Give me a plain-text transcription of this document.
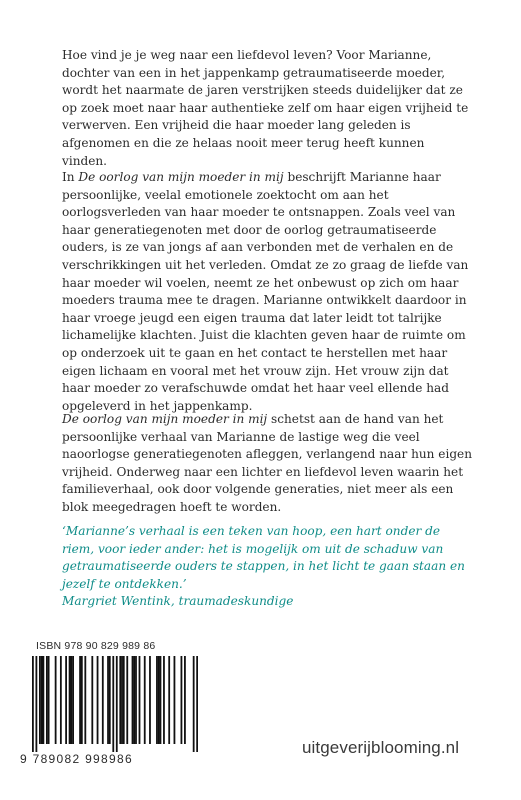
Hoe vind je je weg naar een liefdevol leven? Voor Marianne, dochter van een in het jappenkamp getraumatiseerde moeder, wordt het naarmate de jaren verstrijken steeds duidelijker dat ze op zoek moet naar haar authentieke zelf om haar eigen vrijheid te verwerven. Een vrijheid die haar moeder lang geleden is afgenomen en die ze helaas nooit meer terug heeft kunnen vinden.

In De oorlog van mijn moeder in mij beschrijft Marianne haar persoonlijke, veelal emotionele zoektocht om aan het oorlogsverleden van haar moeder te ontsnappen. Zoals veel van haar generatiegenoten met door de oorlog getraumatiseerde ouders, is ze van jongs af aan verbonden met de verhalen en de verschrikkingen uit het verleden. Omdat ze zo graag de liefde van haar moeder wil voelen, neemt ze het onbewust op zich om haar moeders trauma mee te dragen. Marianne ontwikkelt daardoor in haar vroege jeugd een eigen trauma dat later leidt tot talrijke lichamelijke klachten. Juist die klachten geven haar de ruimte om op onderzoek uit te gaan en het contact te herstellen met haar eigen lichaam en vooral met het vrouw zijn. Het vrouw zijn dat haar moeder zo verafschuwde omdat het haar veel ellende had opgeleverd in het jappenkamp.

De oorlog van mijn moeder in mij schetst aan de hand van het persoonlijke verhaal van Marianne de lastige weg die veel naoorlogse generatiegenoten afleggen, verlangend naar hun eigen vrijheid. Onderweg naar een lichter en liefdevol leven waarin het familieverhaal, ook door volgende generaties, niet meer als een blok meegedragen hoeft te worden.

‘Marianne’s verhaal is een teken van hoop, een hart onder de riem, voor ieder ander: het is mogelijk om uit de schaduw van getraumatiseerde ouders te stappen, in het licht te gaan staan en jezelf te ontdekken.’

Margriet Wentink, traumadeskundige
ISBN 978 90 829 989 86
9 789082 998986
uitgeverijblooming.nl
